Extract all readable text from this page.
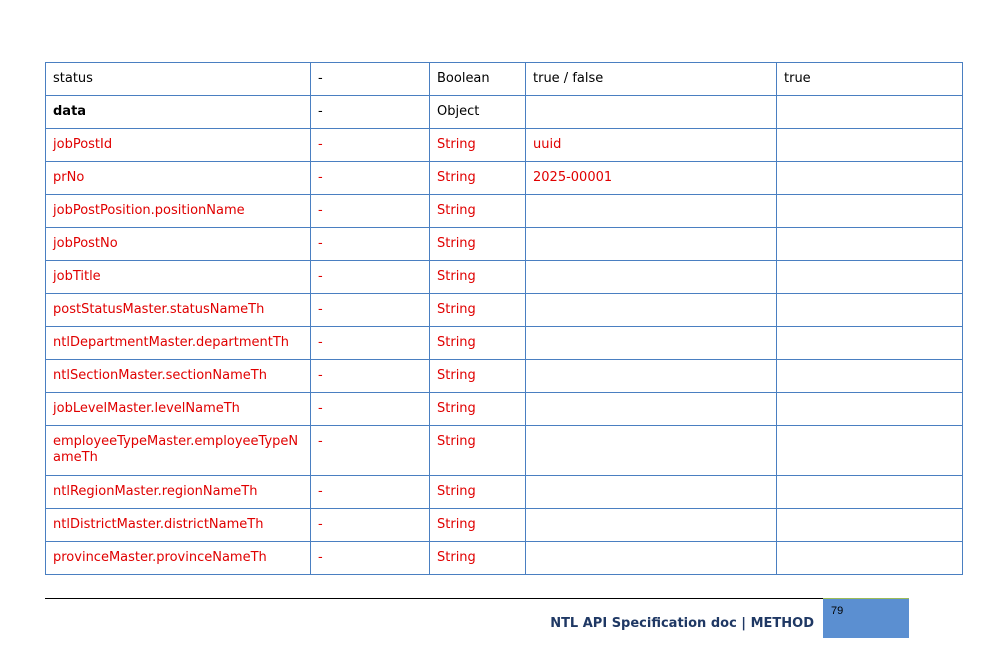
status	-	Boolean	true / false	true
data	-	Object		
jobPostId	-	String	uuid	
prNo	-	String	2025-00001	
jobPostPosition.positionName	-	String		
jobPostNo	-	String		
jobTitle	-	String		
postStatusMaster.statusNameTh	-	String		
ntlDepartmentMaster.departmentTh	-	String		
ntlSectionMaster.sectionNameTh	-	String		
jobLevelMaster.levelNameTh	-	String		
employeeTypeMaster.employeeTypeNameTh	-	String		
ntlRegionMaster.regionNameTh	-	String		
ntlDistrictMaster.districtNameTh	-	String		
provinceMaster.provinceNameTh	-	String		
NTL API Specification doc | METHOD
79
